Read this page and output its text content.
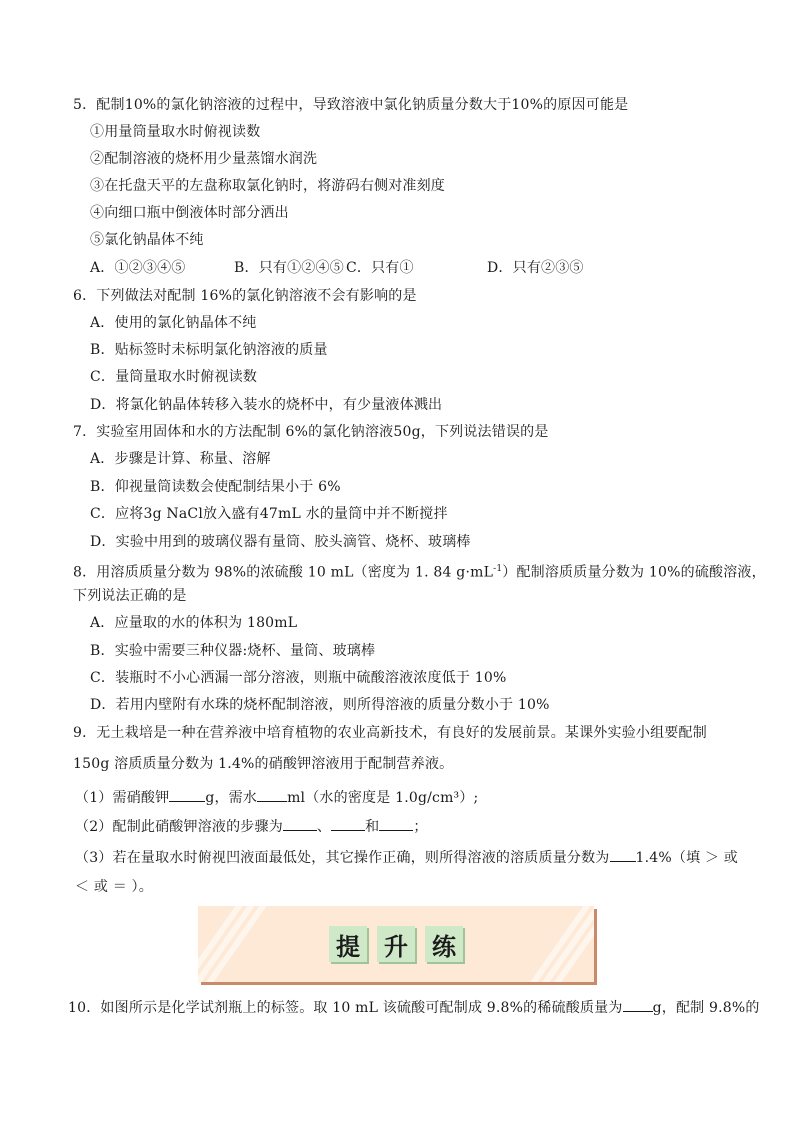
5．配制10%的氯化钠溶液的过程中，导致溶液中氯化钠质量分数大于10%的原因可能是
①用量筒量取水时俯视读数
②配制溶液的烧杯用少量蒸馏水润洗
③在托盘天平的左盘称取氯化钠时，将游码右侧对准刻度
④向细口瓶中倒液体时部分洒出
⑤氯化钠晶体不纯
A．①②③④⑤	B．只有①②④⑤ C．只有①	D．只有②③⑤
6．下列做法对配制 16%的氯化钠溶液不会有影响的是
A．使用的氯化钠晶体不纯
B．贴标签时未标明氯化钠溶液的质量
C．量筒量取水时俯视读数
D．将氯化钠晶体转移入装水的烧杯中，有少量液体溅出
7．实验室用固体和水的方法配制 6%的氯化钠溶液50g，下列说法错误的是
A．步骤是计算、称量、溶解
B．仰视量筒读数会使配制结果小于 6%
C．应将3g NaCl放入盛有47mL 水的量筒中并不断搅拌
D．实验中用到的玻璃仪器有量筒、胶头滴管、烧杯、玻璃棒
8．用溶质质量分数为 98%的浓硫酸 10 mL（密度为 1. 84 $g\cdot mL^{-1}$）配制溶质质量分数为 10%的硫酸溶液，
下列说法正确的是
A．应量取的水的体积为 180mL
B．实验中需要三种仪器:烧杯、量筒、玻璃棒
C．装瓶时不小心洒漏一部分溶液，则瓶中硫酸溶液浓度低于 10%
D．若用内壁附有水珠的烧杯配制溶液，则所得溶液的质量分数小于 10%
9．无土栽培是一种在营养液中培育植物的农业高新技术，有良好的发展前景。某课外实验小组要配制
150g 溶质质量分数为 1.4%的硝酸钾溶液用于配制营养液。
（1）需硝酸钾	g，需水 ml（水的密度是 1.0g/cm³）;
（2）配制此硝酸钾溶液的步骤为 、 和 ；
（3）若在量取水时俯视凹液面最低处，其它操作正确，则所得溶液的溶质质量分数为 1.4%（填 ＞ 或
＜ 或 ＝ ）。
提 升 练
10．如图所示是化学试剂瓶上的标签。取 10 mL 该硫酸可配制成 9.8%的稀硫酸质量为 g，配制 9.8%的
